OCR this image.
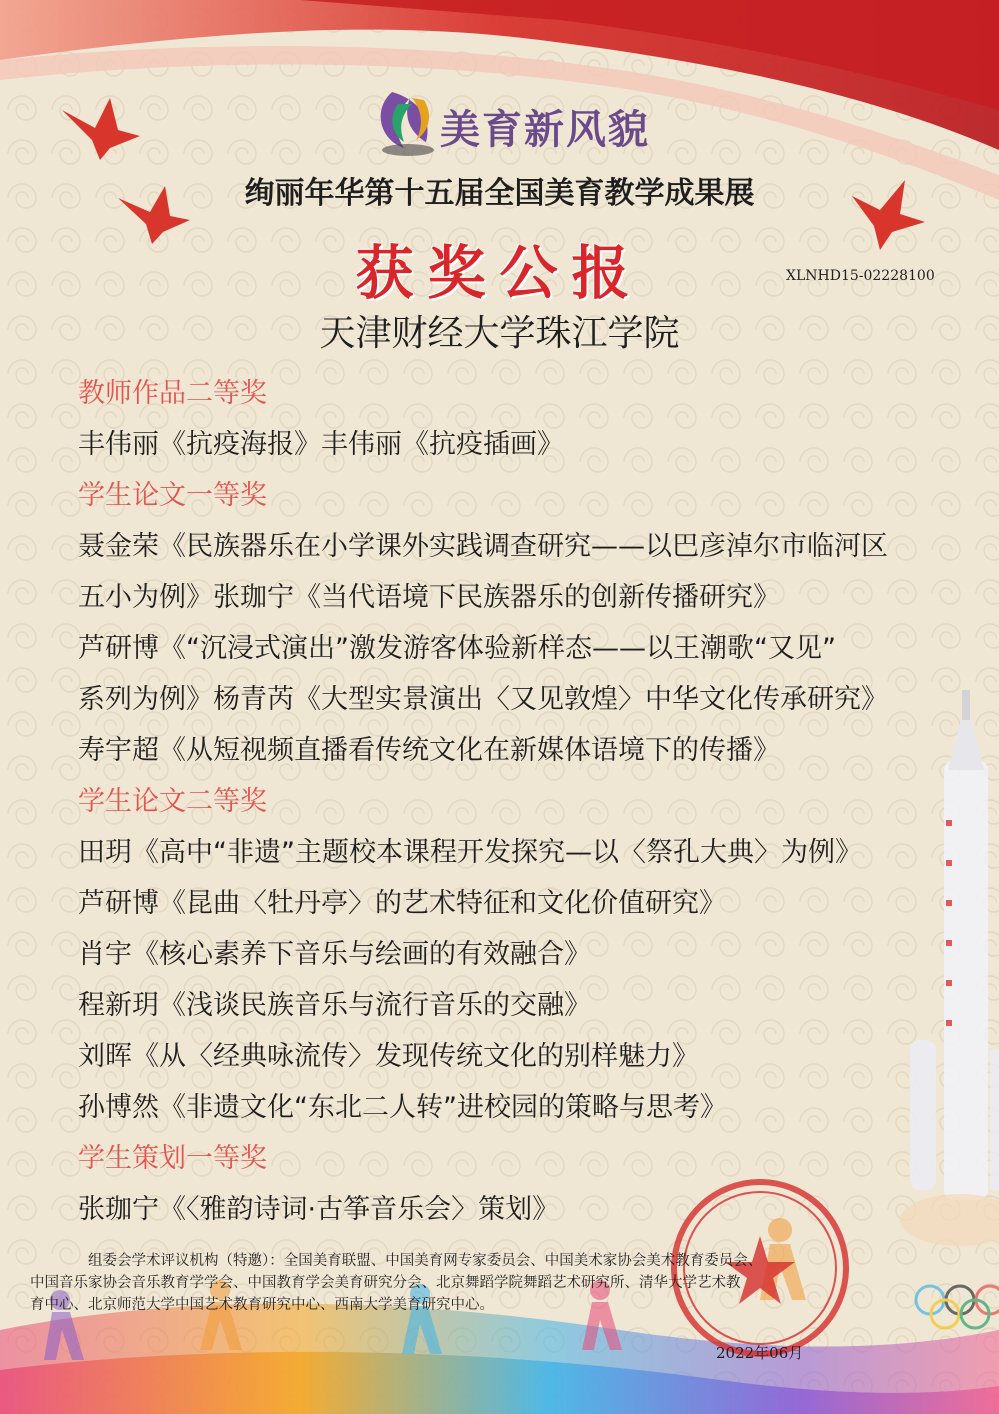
美育新风貌
绚丽年华第十五届全国美育教学成果展
获奖公报	XLNHD15-02228100
天津财经大学珠江学院
教师作品二等奖
丰伟丽《抗疫海报》丰伟丽《抗疫插画》
学生论文一等奖
聂金荣《民族器乐在小学课外实践调查研究——以巴彦淖尔市临河区
五小为例》张珈宁《当代语境下民族器乐的创新传播研究》
芦研博《“沉浸式演出”激发游客体验新样态——以王潮歌“又见”
系列为例》杨青芮《大型实景演出〈又见敦煌〉中华文化传承研究》
寿宇超《从短视频直播看传统文化在新媒体语境下的传播》
学生论文二等奖
田玥《高中“非遗”主题校本课程开发探究—以〈祭孔大典〉为例》
芦研博《昆曲〈牡丹亭〉的艺术特征和文化价值研究》
肖宇《核心素养下音乐与绘画的有效融合》
程新玥《浅谈民族音乐与流行音乐的交融》
刘晖《从〈经典咏流传〉发现传统文化的别样魅力》
孙博然《非遗文化“东北二人转”进校园的策略与思考》
学生策划一等奖
张珈宁《〈雅韵诗词·古筝音乐会〉策划》
组委会学术评议机构（特邀）：全国美育联盟、中国美育网专家委员会、中国美术家协会美术教育委员会、
中国音乐家协会音乐教育学学会、中国教育学会美育研究分会、北京舞蹈学院舞蹈艺术研究所、清华大学艺术教
育中心、北京师范大学中国艺术教育研究中心、西南大学美育研究中心。
2022年06月
